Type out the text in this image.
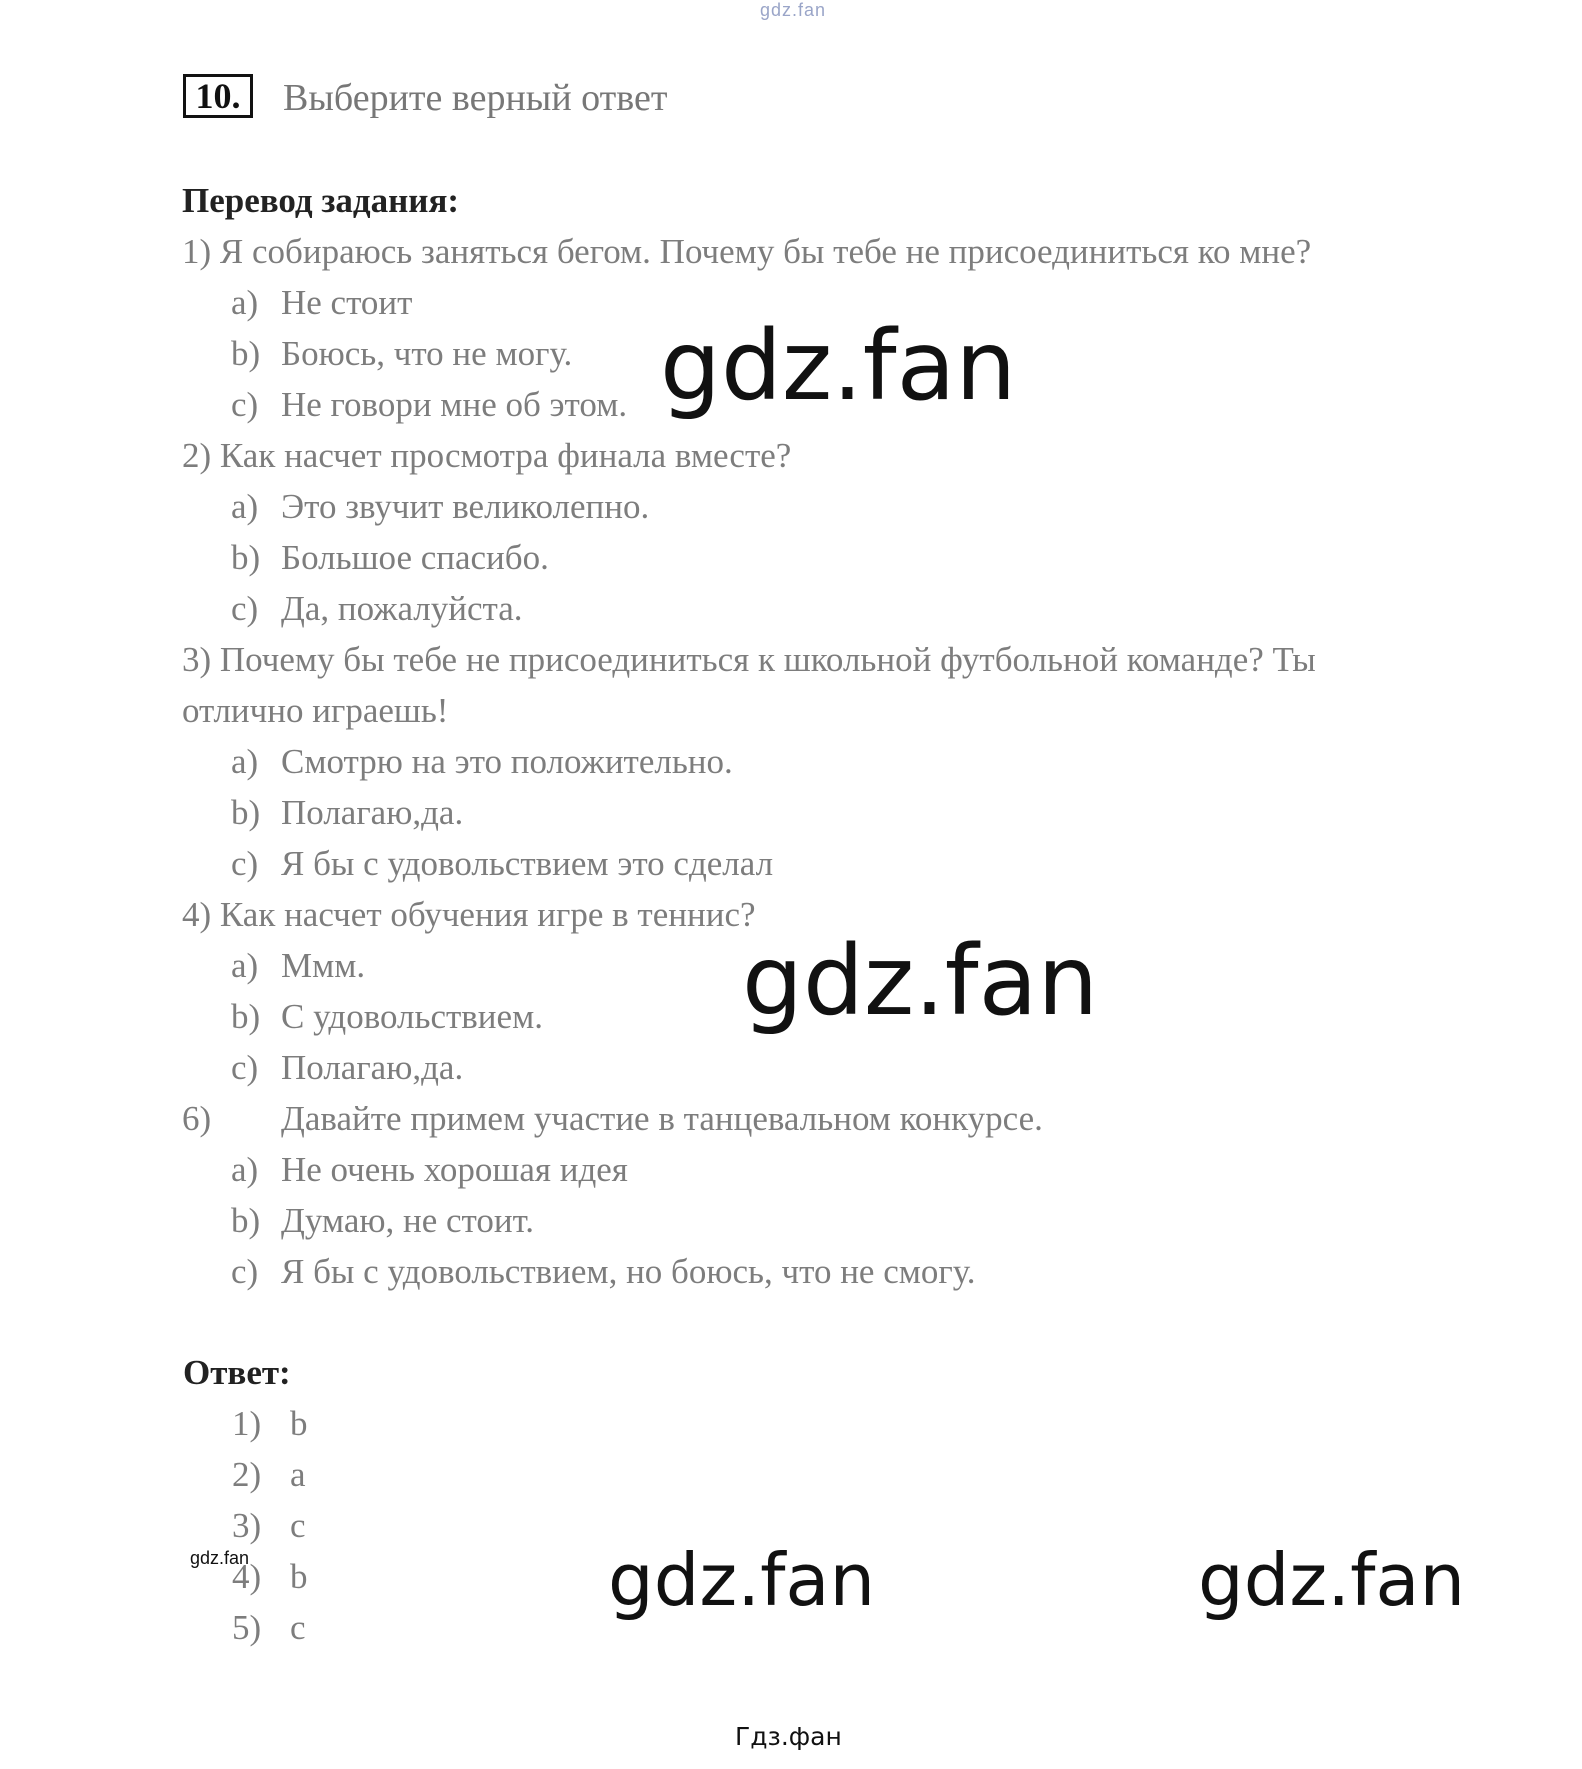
gdz.fan
10.	Выберите верный ответ
Перевод задания:
1) Я собираюсь заняться бегом. Почему бы тебе не присоединиться ко мне?
a) Не стоит
b) Боюсь, что не могу.
c) Не говори мне об этом.
2) Как насчет просмотра финала вместе?
a) Это звучит великолепно.
b) Большое спасибо.
c) Да, пожалуйста.
3) Почему бы тебе не присоединиться к школьной футбольной команде? Ты
отлично играешь!
a) Смотрю на это положительно.
b) Полагаю,да.
c) Я бы с удовольствием это сделал
4) Как насчет обучения игре в теннис?
a) Ммм.
b) С удовольствием.
c) Полагаю,да.
6) Давайте примем участие в танцевальном конкурсе.
a) Не очень хорошая идея
b) Думаю, не стоит.
c) Я бы с удовольствием, но боюсь, что не смогу.
Ответ:
1) b
2) a
3) c
4) b
5) c
gdz.fan
gdz.fan
gdz.fan	gdz.fan
gdz.fan
Гдз.фан
